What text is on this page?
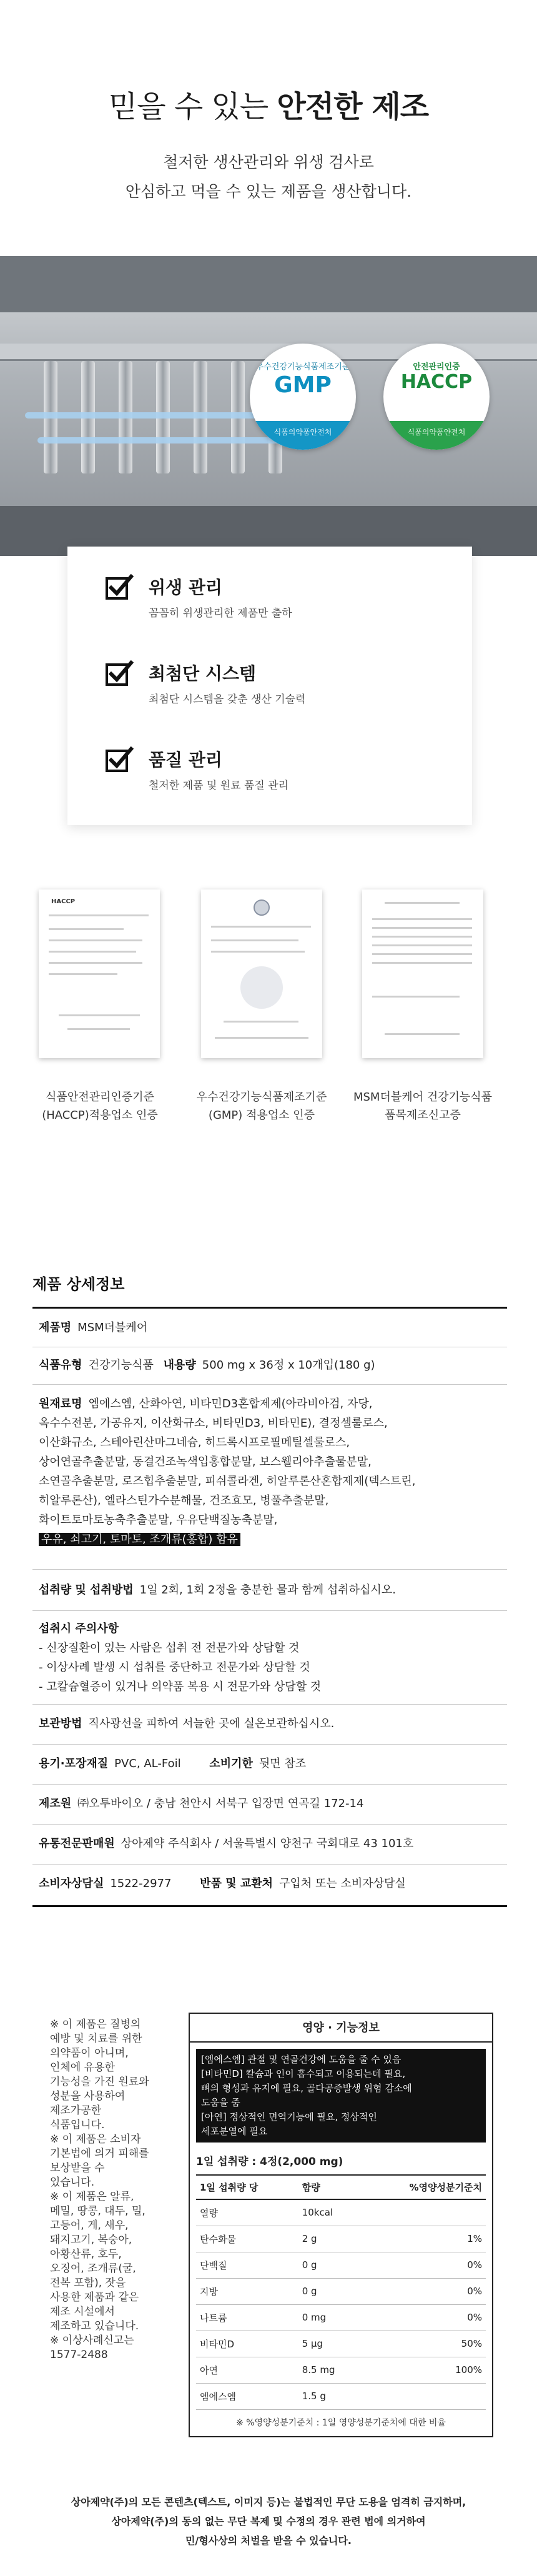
믿을 수 있는 안전한 제조
철저한 생산관리와 위생 검사로
안심하고 먹을 수 있는 제품을 생산합니다.
우수건강기능식품제조기준
GMP
식품의약품안전처
안전관리인증
HACCP
식품의약품안전처
위생 관리
꼼꼼히 위생관리한 제품만 출하
최첨단 시스템
최첨단 시스템을 갖춘 생산 기술력
품질 관리
철저한 제품 및 원료 품질 관리
HACCP
식품안전관리인증기준
(HACCP)적용업소 인증
우수건강기능식품제조기준
(GMP) 적용업소 인증
MSM더블케어 건강기능식품
품목제조신고증
제품 상세정보
제품명 MSM더블케어
식품유형 건강기능식품 내용량 500 mg x 36정 x 10개입(180 g)
원재료명 엠에스엠, 산화아연, 비타민D3혼합제제(아라비아검, 자당,
옥수수전분, 가공유지, 이산화규소, 비타민D3, 비타민E), 결정셀룰로스,
이산화규소, 스테아린산마그네슘, 히드록시프로필메틸셀룰로스,
상어연골추출분말, 동결건조녹색입홍합분말, 보스웰리아추출물분말,
소연골추출분말, 로즈힙추출분말, 피쉬콜라겐, 히알루론산혼합제제(덱스트린,
히알루론산), 엘라스틴가수분해물, 건조효모, 병풀추출분말,
화이트토마토농축추출분말, 우유단백질농축분말,
우유, 쇠고기, 토마토, 조개류(홍합) 함유
섭취량 및 섭취방법 1일 2회, 1회 2정을 충분한 물과 함께 섭취하십시오.
섭취시 주의사항
- 신장질환이 있는 사람은 섭취 전 전문가와 상담할 것
- 이상사례 발생 시 섭취를 중단하고 전문가와 상담할 것
- 고칼슘혈증이 있거나 의약품 복용 시 전문가와 상담할 것
보관방법 직사광선을 피하여 서늘한 곳에 실온보관하십시오.
용기·포장재질 PVC, AL-Foil	소비기한 뒷면 참조
제조원 ㈜오투바이오 / 충남 천안시 서북구 입장면 연곡길 172-14
유통전문판매원 상아제약 주식회사 / 서울특별시 양천구 국회대로 43 101호
소비자상담실 1522-2977	반품 및 교환처 구입처 또는 소비자상담실
※ 이 제품은 질병의
예방 및 치료를 위한
의약품이 아니며,
인체에 유용한
기능성을 가진 원료와
성분을 사용하여
제조가공한
식품입니다.
※ 이 제품은 소비자
기본법에 의거 피해를
보상받을 수
있습니다.
※ 이 제품은 알류,
메밀, 땅콩, 대두, 밀,
고등어, 게, 새우,
돼지고기, 복숭아,
아황산류, 호두,
오징어, 조개류(굴,
전복 포함), 잣을
사용한 제품과 같은
제조 시설에서
제조하고 있습니다.
※ 이상사례신고는
1577-2488
영양 · 기능정보
[엠에스엠] 관절 및 연골건강에 도움을 줄 수 있음
[비타민D] 칼슘과 인이 흡수되고 이용되는데 필요,
뼈의 형성과 유지에 필요, 골다공증발생 위험 감소에
도움을 줌
[아연] 정상적인 면역기능에 필요, 정상적인
세포분열에 필요
1일 섭취량 : 4정(2,000 mg)
1일 섭취량 당	함량	%영양성분기준치
열량	10kcal	
탄수화물	2 g	1%
단백질	0 g	0%
지방	0 g	0%
나트륨	0 mg	0%
비타민D	5 μg	50%
아연	8.5 mg	100%
엠에스엠	1.5 g	
※ %영양성분기준치 : 1일 영양성분기준치에 대한 비율
상아제약(주)의 모든 콘텐츠(텍스트, 이미지 등)는 불법적인 무단 도용을 엄격히 금지하며,
상아제약(주)의 동의 없는 무단 복제 및 수정의 경우 관련 법에 의거하여
민/형사상의 처벌을 받을 수 있습니다.
